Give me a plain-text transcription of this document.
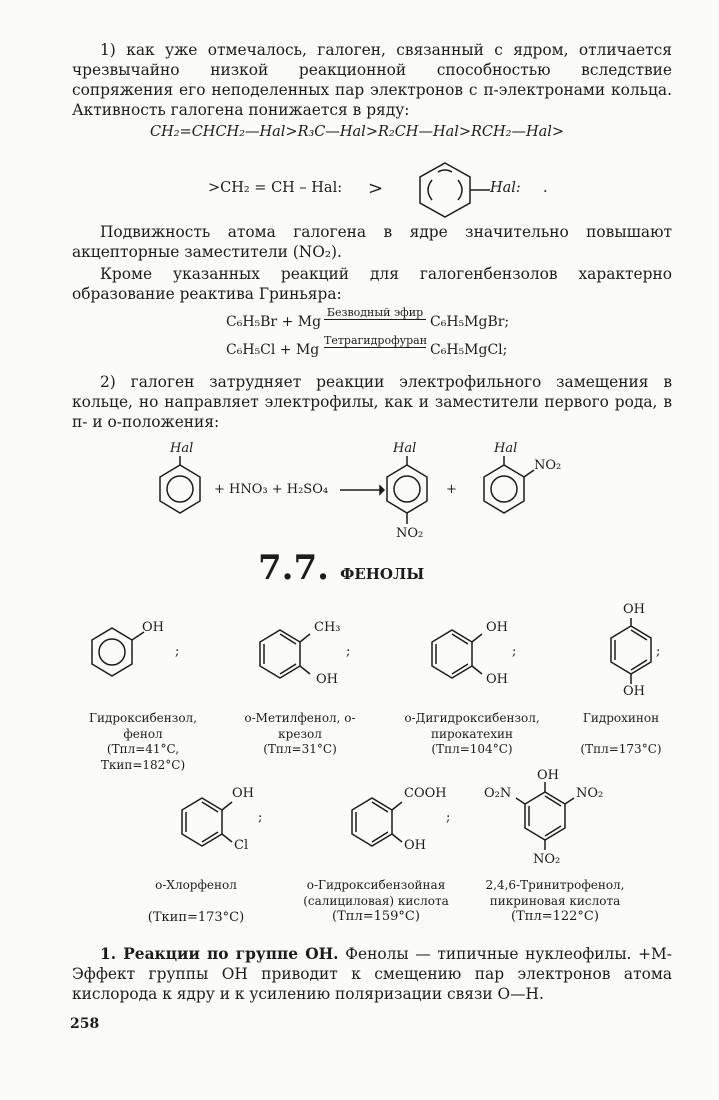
1) как уже отмечалось, галоген, связанный с ядром, отличается чрезвычайно низкой реакционной способностью вследствие сопряжения его неподеленных пар электронов с π-электронами кольца. Активность галогена понижается в ряду:
CH₂=CHCH₂—Hal>R₃C—Hal>R₂CH—Hal>RCH₂—Hal>
>CH₂ = CH – Hal: >	Hal: .
Подвижность атома галогена в ядре значительно повышают акцепторные заместители (NO₂).
Кроме указанных реакций для галогенбензолов характерно образование реактива Гриньяра:
C₆H₅Br + Mg
Безводный эфир
C₆H₅MgBr;
C₆H₅Cl + Mg
Тетрагидрофуран
C₆H₅MgCl;
2) галоген затрудняет реакции электрофильного замещения в кольце, но направляет электрофилы, как и заместители первого рода, в п- и о-положения:
Hal
+ HNO₃ + H₂SO₄ →
Hal
NO₂
+
Hal
NO₂
7.7. ФЕНОЛЫ
OH
;
CH₃
OH
;
OH
OH
;
OH
OH
;
Гидроксибензол, фенол
(Tпл=41°C, Tкип=182°C)
о-Метилфенол, о-крезол
(Tпл=31°C)
о-Дигидроксибензол, пирокатехин
(Tпл=104°C)
Гидрохинон
(Tпл=173°C)
OH
Cl
;
COOH
OH
;
OH
O₂N	NO₂
NO₂
о-Хлорфенол
(Tкип=173°C)
о-Гидроксибензойная (салициловая) кислота
(Tпл=159°C)
2,4,6-Тринитрофенол, пикриновая кислота
(Tпл=122°C)
1. Реакции по группе OH. Фенолы — типичные нуклеофилы. +M-Эффект группы OH приводит к смещению пар электронов атома кислорода к ядру и к усилению поляризации связи O—H.
258
